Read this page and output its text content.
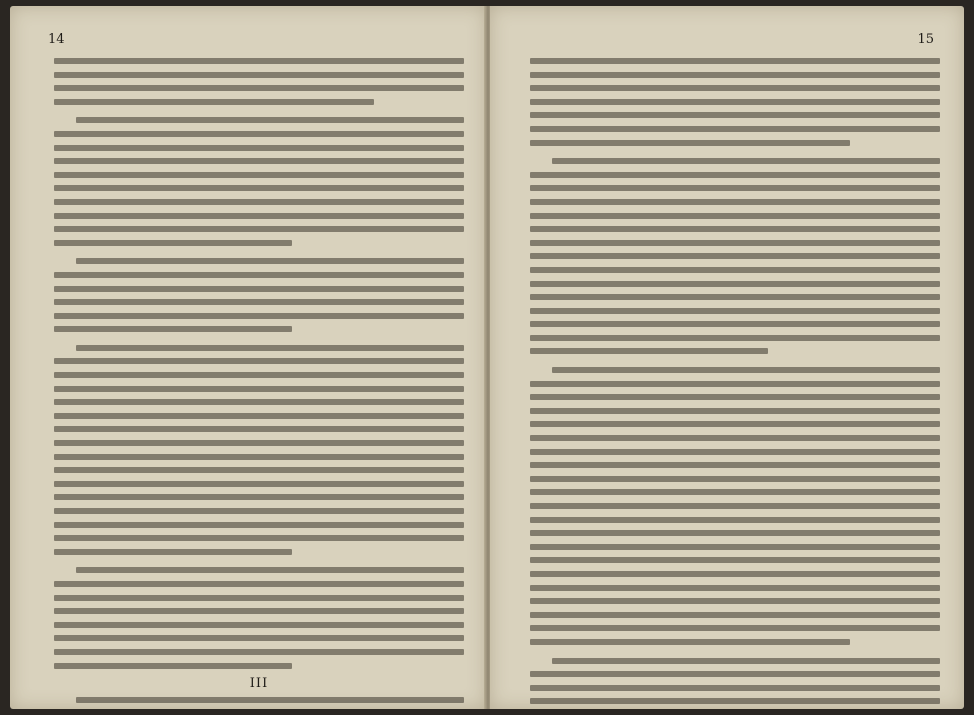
14
III
15
